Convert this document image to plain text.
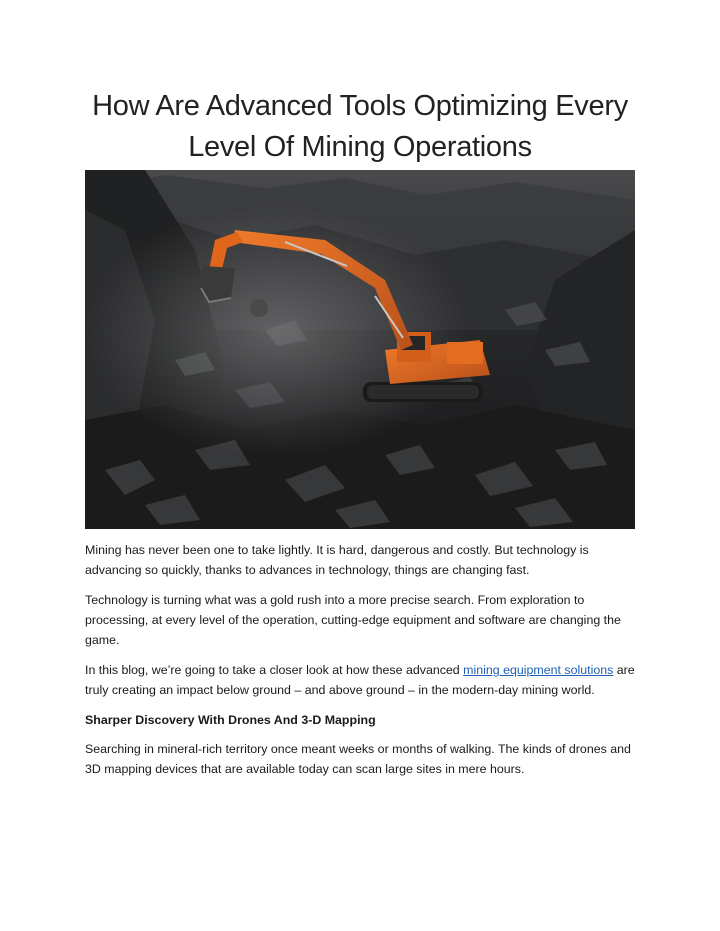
How Are Advanced Tools Optimizing Every
Level Of Mining Operations

Mining has never been one to take lightly. It is hard, dangerous and costly. But technology is advancing so quickly, thanks to advances in technology, things are changing fast.

Technology is turning what was a gold rush into a more precise search. From exploration to processing, at every level of the operation, cutting-edge equipment and software are changing the game.

In this blog, we’re going to take a closer look at how these advanced mining equipment solutions are truly creating an impact below ground – and above ground – in the modern-day mining world.

Sharper Discovery With Drones And 3-D Mapping

Searching in mineral-rich territory once meant weeks or months of walking. The kinds of drones and 3D mapping devices that are available today can scan large sites in mere hours.
